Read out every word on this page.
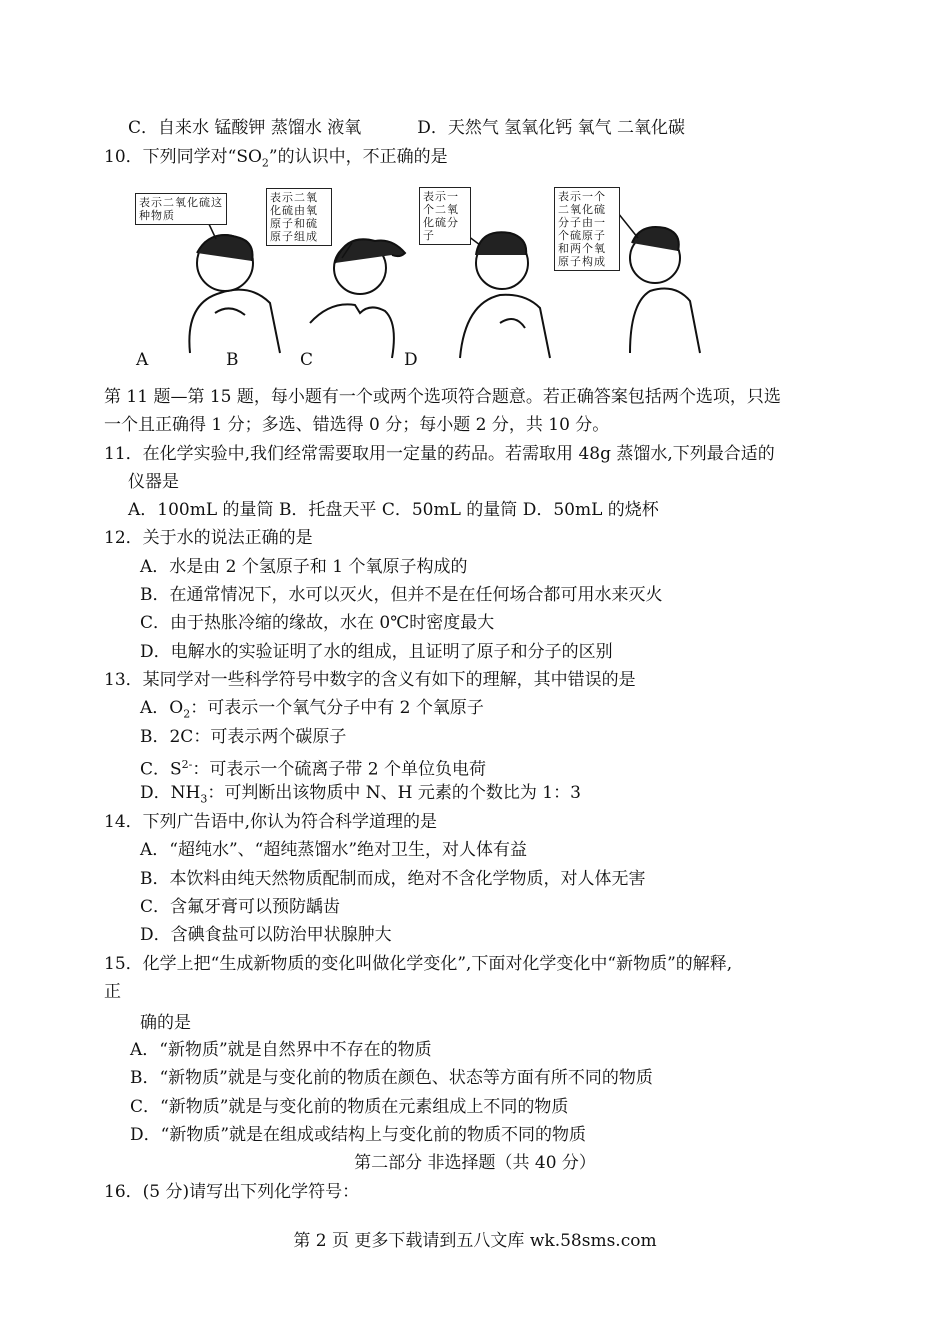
C．自来水 锰酸钾 蒸馏水 液氧	D．天然气 氢氧化钙 氧气 二氧化碳
10．下列同学对“$SO_2$”的认识中，不正确的是
表示二氧化硫这种物质
表示二氧化硫由氧原子和硫原子组成
表示一个二氧化硫分子
表示一个二氧化硫分子由一个硫原子和两个氧原子构成
A	B	C	D
第 11 题—第 15 题，每小题有一个或两个选项符合题意。若正确答案包括两个选项，只选
一个且正确得 1 分；多选、错选得 0 分；每小题 2 分，共 10 分。
11．在化学实验中,我们经常需要取用一定量的药品。若需取用 48g 蒸馏水,下列最合适的
仪器是
A．100mL 的量筒 B．托盘天平 C．50mL 的量筒 D．50mL 的烧杯
12．关于水的说法正确的是
A．水是由 2 个氢原子和 1 个氧原子构成的
B．在通常情况下，水可以灭火，但并不是在任何场合都可用水来灭火
C．由于热胀冷缩的缘故，水在 0℃时密度最大
D．电解水的实验证明了水的组成，且证明了原子和分子的区别
13．某同学对一些科学符号中数字的含义有如下的理解，其中错误的是
A．$O_2$：可表示一个氧气分子中有 2 个氧原子
B．2C：可表示两个碳原子
C．$S^{2-}$：可表示一个硫离子带 2 个单位负电荷
D．$NH_3$：可判断出该物质中 N、H 元素的个数比为 1：3
14．下列广告语中,你认为符合科学道理的是
A．“超纯水”、“超纯蒸馏水”绝对卫生，对人体有益
B．本饮料由纯天然物质配制而成，绝对不含化学物质，对人体无害
C．含氟牙膏可以预防龋齿
D．含碘食盐可以防治甲状腺肿大
15．化学上把“生成新物质的变化叫做化学变化”,下面对化学变化中“新物质”的解释,
正
确的是
A．“新物质”就是自然界中不存在的物质
B．“新物质”就是与变化前的物质在颜色、状态等方面有所不同的物质
C．“新物质”就是与变化前的物质在元素组成上不同的物质
D．“新物质”就是在组成或结构上与变化前的物质不同的物质
第二部分 非选择题（共 40 分）
16．(5 分)请写出下列化学符号：
第 2 页 更多下载请到五八文库 wk.58sms.com
